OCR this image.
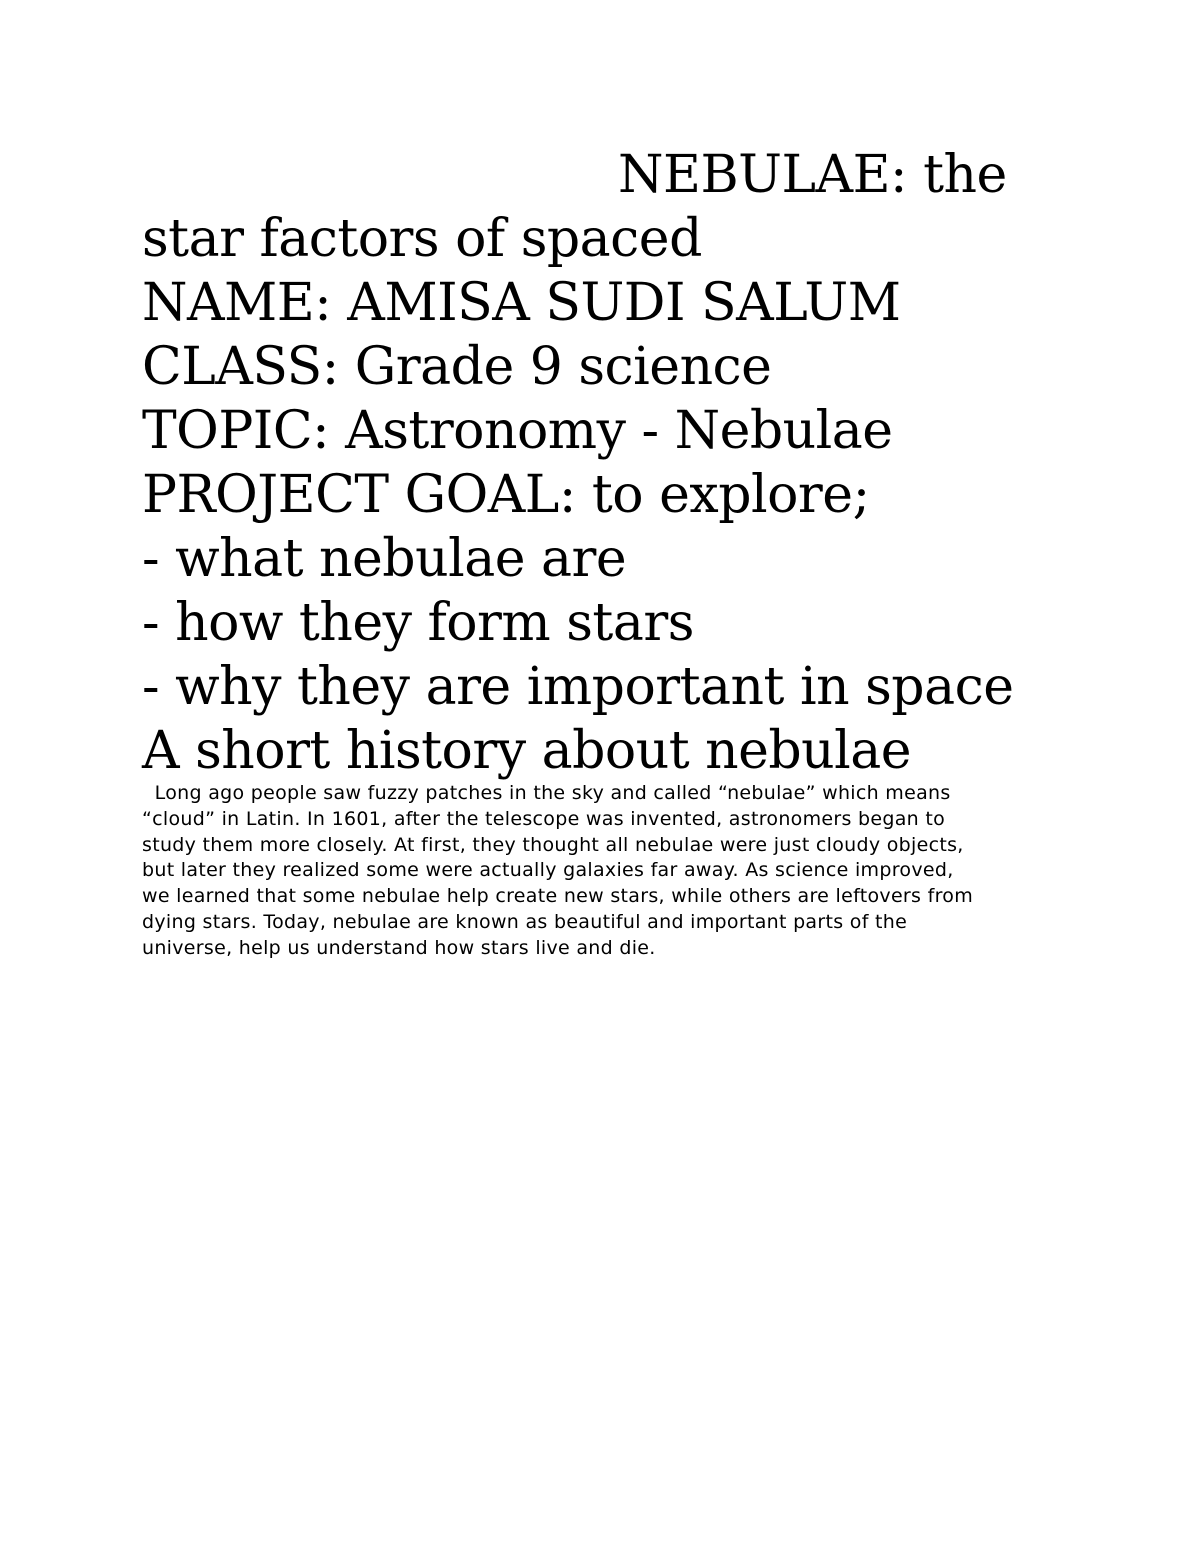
NEBULAE: the
star factors of spaced
NAME: AMISA SUDI SALUM
CLASS: Grade 9 science
TOPIC: Astronomy - Nebulae
PROJECT GOAL: to explore;
- what nebulae are
- how they form stars
- why they are important in space
A short history about nebulae
Long ago people saw fuzzy patches in the sky and called “nebulae” which means
“cloud” in Latin. In 1601, after the telescope was invented, astronomers began to
study them more closely. At first, they thought all nebulae were just cloudy objects,
but later they realized some were actually galaxies far away. As science improved,
we learned that some nebulae help create new stars, while others are leftovers from
dying stars. Today, nebulae are known as beautiful and important parts of the
universe, help us understand how stars live and die.
